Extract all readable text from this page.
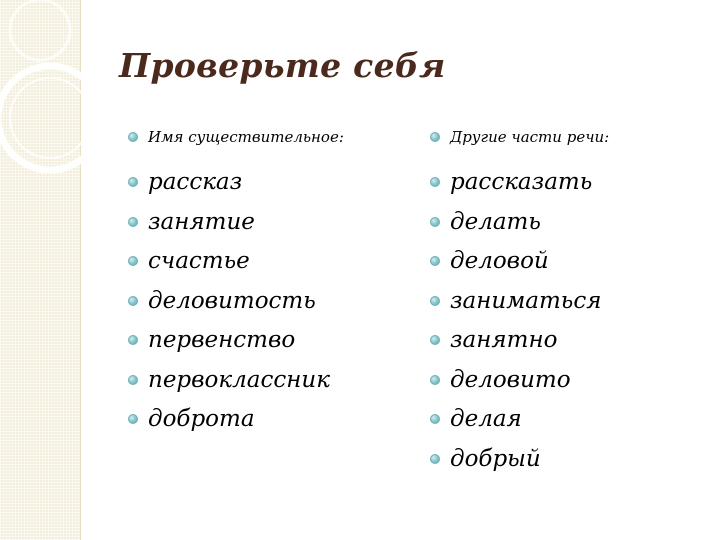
Проверьте себя
Имя существительное:
рассказ
занятие
счастье
деловитость
первенство
первоклассник
доброта
Другие части речи:
рассказать
делать
деловой
заниматься
занятно
деловито
делая
добрый
